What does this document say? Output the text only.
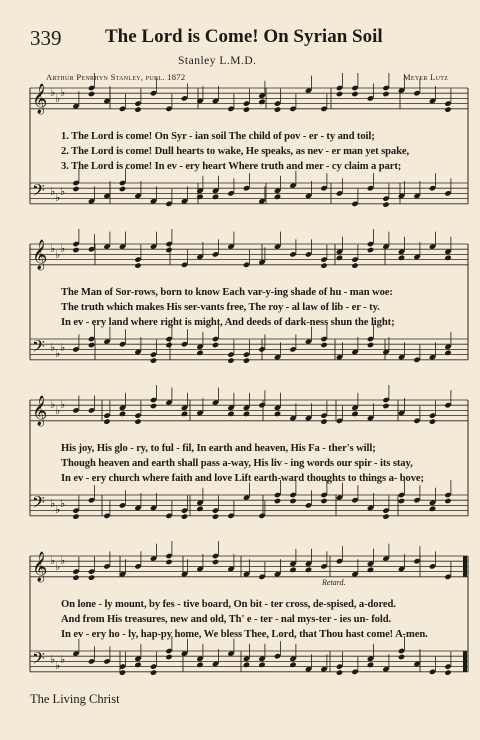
339 The Lord is Come! On Syrian Soil
Stanley L.M.D.
Arthur Penrhyn Stanley, publ. 1872	Meyer Lutz
𝄞 ♭ ♭ ♭
𝄢 ♭ ♭ ♭
𝄞 ♭ ♭ ♭
𝄢 ♭ ♭ ♭
𝄞 ♭ ♭ ♭
𝄢 ♭ ♭ ♭
𝄞 ♭ ♭ ♭
𝄢 ♭ ♭ ♭
1. The Lord is come! On Syr - ian soil The child of pov - er - ty and toil;
2. The Lord is come! Dull hearts to wake, He speaks, as nev - er man yet spake,
3. The Lord is come! In ev - ery heart Where truth and mer - cy claim a part;
The Man of Sor-rows, born to know Each var-y-ing shade of hu - man woe:
The truth which makes His ser-vants free, The roy - al law of lib - er - ty.
In ev - ery land where right is might, And deeds of dark-ness shun the light;
His joy, His glo - ry, to ful - fil, In earth and heaven, His Fa - ther's will;
Though heaven and earth shall pass a-way, His liv - ing words our spir - its stay,
In ev - ery church where faith and love Lift earth-ward thoughts to things a- bove;
Retard.
On lone - ly mount, by fes - tive board, On bit - ter cross, de-spised, a-dored.
And from His treasures, new and old, Th' e - ter - nal mys-ter - ies un- fold.
In ev - ery ho - ly, hap-py home, We bless Thee, Lord, that Thou hast come! A-men.
The Living Christ
